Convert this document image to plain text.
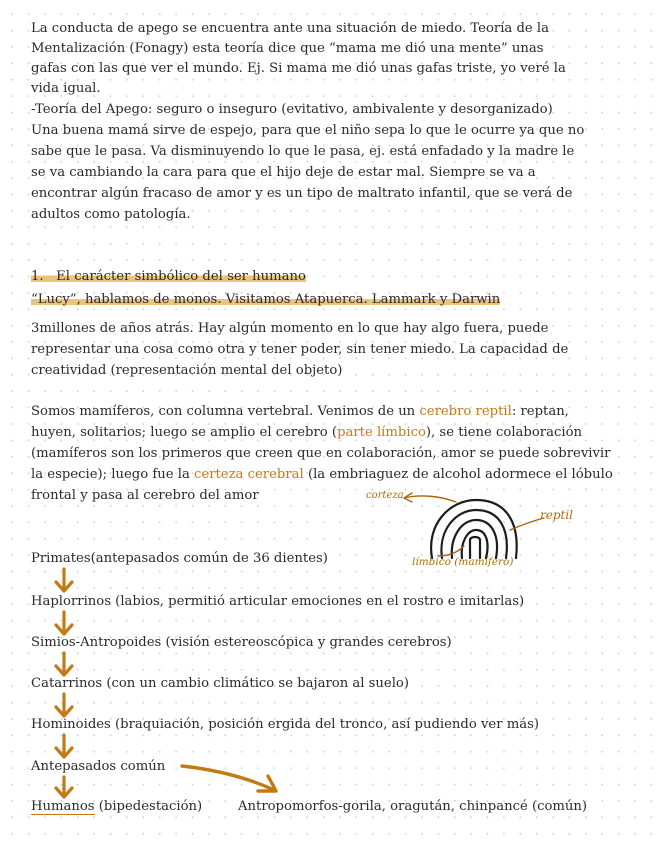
La conducta de apego se encuentra ante una situación de miedo. Teoría de la
Mentalización (Fonagy) esta teoría dice que “mama me dió una mente” unas
gafas con las que ver el mundo. Ej. Si mama me dió unas gafas triste, yo veré la
vida igual.
-Teoría del Apego: seguro o inseguro (evitativo, ambivalente y desorganizado)
Una buena mamá sirve de espejo, para que el niño sepa lo que le ocurre ya que no
sabe que le pasa. Va disminuyendo lo que le pasa, ej. está enfadado y la madre le
se va cambiando la cara para que el hijo deje de estar mal. Siempre se va a
encontrar algún fracaso de amor y es un tipo de maltrato infantil, que se verá de
adultos como patología.
1. El carácter simbólico del ser humano
“Lucy”, hablamos de monos. Visitamos Atapuerca. Lammark y Darwin
3millones de años atrás. Hay algún momento en lo que hay algo fuera, puede
representar una cosa como otra y tener poder, sin tener miedo. La capacidad de
creatividad (representación mental del objeto)
Somos mamíferos, con columna vertebral. Venimos de un cerebro reptil: reptan,
huyen, solitarios; luego se amplio el cerebro (parte límbico), se tiene colaboración
(mamíferos son los primeros que creen que en colaboración, amor se puede sobrevivir
la especie); luego fue la certeza cerebral (la embriaguez de alcohol adormece el lóbulo
frontal y pasa al cerebro del amor	corteza
reptil
límbico (mamífero)
Primates(antepasados común de 36 dientes)
Haplorrinos (labios, permitió articular emociones en el rostro e imitarlas)
Simios-Antropoides (visión estereoscópica y grandes cerebros)
Catarrinos (con un cambio climático se bajaron al suelo)
Hominoides (braquiación, posición ergida del tronco, así pudiendo ver más)
Antepasados común
Humanos (bipedestación)	Antropomorfos-gorila, oragután, chinpancé (común)
